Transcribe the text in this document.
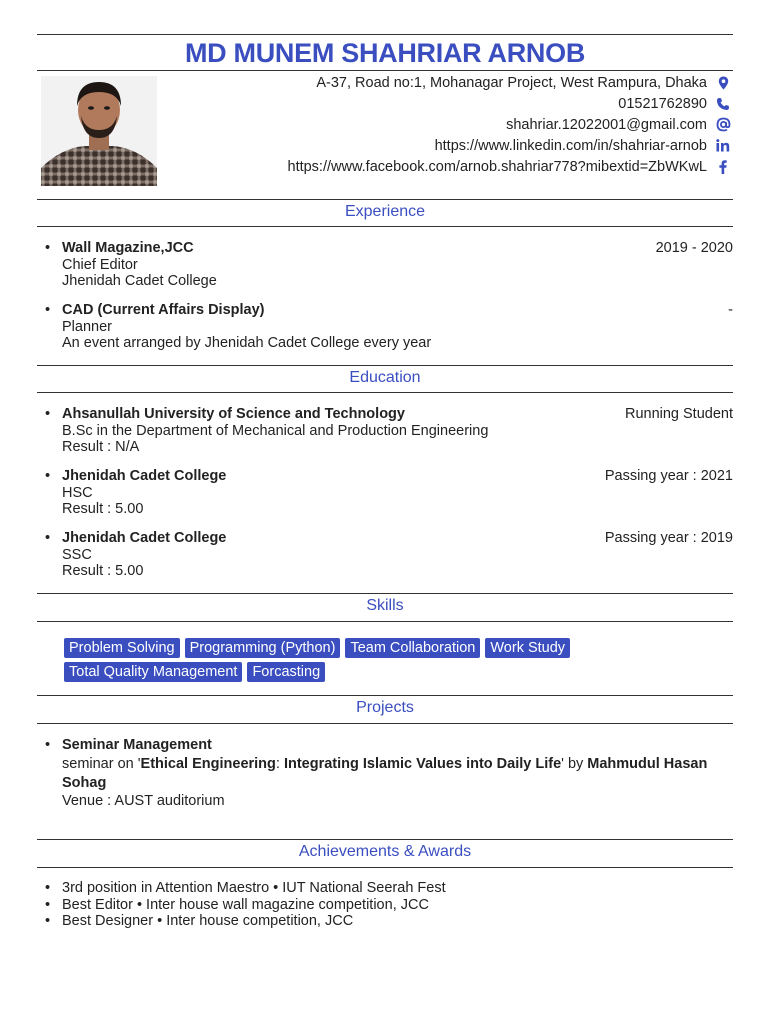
MD MUNEM SHAHRIAR ARNOB
A-37, Road no:1, Mohanagar Project, West Rampura, Dhaka
01521762890
shahriar.12022001@gmail.com
https://www.linkedin.com/in/shahriar-arnob
https://www.facebook.com/arnob.shahriar778?mibextid=ZbWKwL
Experience
• Wall Magazine,JCC
Chief Editor
Jhenidah Cadet College
2019 - 2020
• CAD (Current Affairs Display)
Planner
An event arranged by Jhenidah Cadet College every year
-
Education
• Ahsanullah University of Science and Technology
B.Sc in the Department of Mechanical and Production Engineering
Result : N/A
Running Student
• Jhenidah Cadet College
HSC
Result : 5.00
Passing year : 2021
• Jhenidah Cadet College
SSC
Result : 5.00
Passing year : 2019
Skills
Problem Solving	Programming (Python)	Team Collaboration	Work Study
Total Quality Management	Forcasting
Projects
• Seminar Management
seminar on 'Ethical Engineering: Integrating Islamic Values into Daily Life' by Mahmudul Hasan
Sohag
Venue : AUST auditorium
Achievements & Awards
• 3rd position in Attention Maestro • IUT National Seerah Fest
• Best Editor • Inter house wall magazine competition, JCC
• Best Designer • Inter house competition, JCC
